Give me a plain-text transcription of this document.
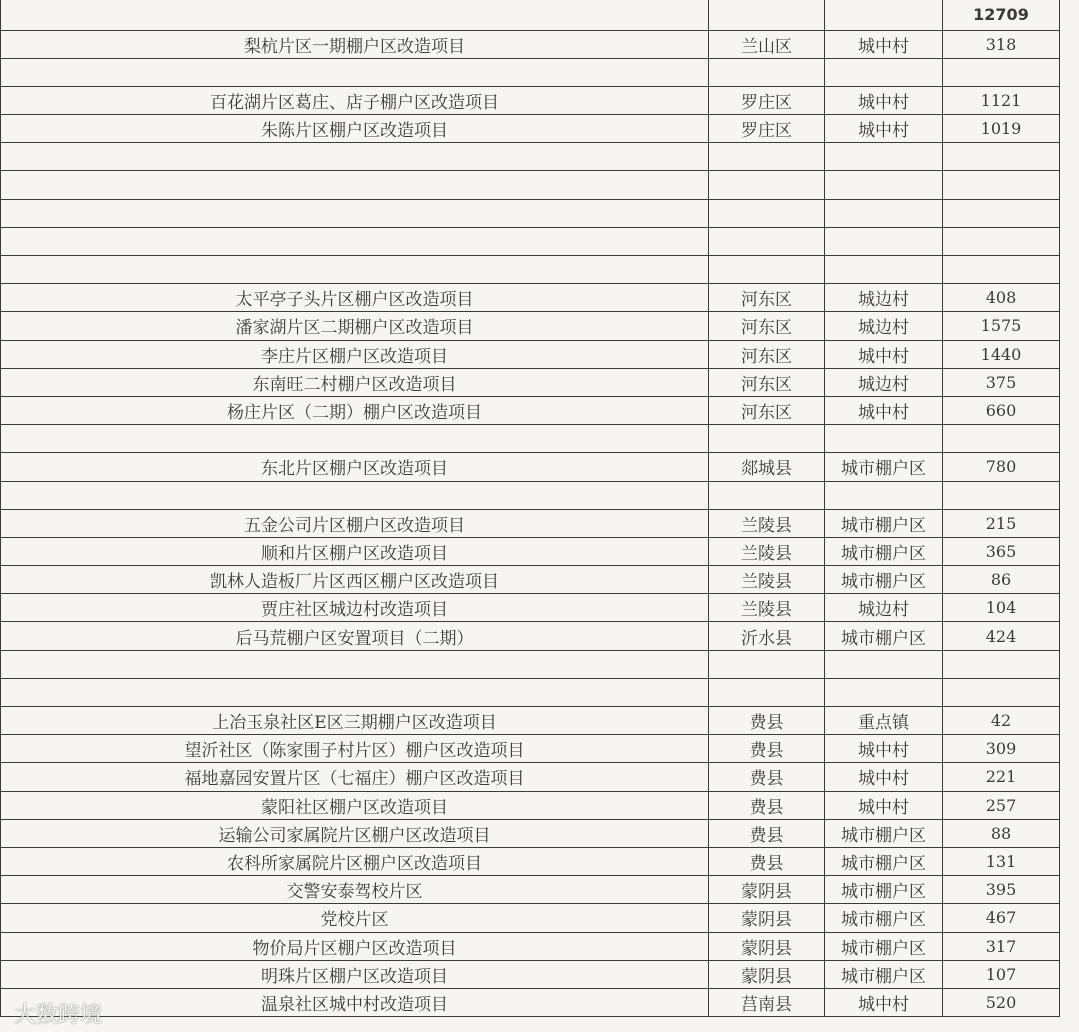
			12709
梨杭片区一期棚户区改造项目	兰山区	城中村	318

百花湖片区葛庄、店子棚户区改造项目	罗庄区	城中村	1121
朱陈片区棚户区改造项目	罗庄区	城中村	1019

太平亭子头片区棚户区改造项目	河东区	城边村	408
潘家湖片区二期棚户区改造项目	河东区	城边村	1575
李庄片区棚户区改造项目	河东区	城中村	1440
东南旺二村棚户区改造项目	河东区	城边村	375
杨庄片区（二期）棚户区改造项目	河东区	城中村	660

东北片区棚户区改造项目	郯城县	城市棚户区	780

五金公司片区棚户区改造项目	兰陵县	城市棚户区	215
顺和片区棚户区改造项目	兰陵县	城市棚户区	365
凯林人造板厂片区西区棚户区改造项目	兰陵县	城市棚户区	86
贾庄社区城边村改造项目	兰陵县	城边村	104
后马荒棚户区安置项目（二期）	沂水县	城市棚户区	424

上冶玉泉社区E区三期棚户区改造项目	费县	重点镇	42
望沂社区（陈家围子村片区）棚户区改造项目	费县	城中村	309
福地嘉园安置片区（七福庄）棚户区改造项目	费县	城中村	221
蒙阳社区棚户区改造项目	费县	城中村	257
运输公司家属院片区棚户区改造项目	费县	城市棚户区	88
农科所家属院片区棚户区改造项目	费县	城市棚户区	131
交警安泰驾校片区	蒙阴县	城市棚户区	395
党校片区	蒙阴县	城市棚户区	467
物价局片区棚户区改造项目	蒙阴县	城市棚户区	317
明珠片区棚户区改造项目	蒙阴县	城市棚户区	107
温泉社区城中村改造项目	莒南县	城中村	520
大数跨境
